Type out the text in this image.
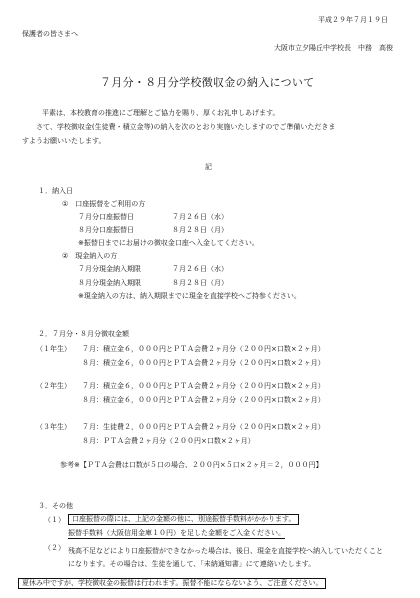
平成２９年７月１９日
保護者の皆さまへ
大阪市立夕陽丘中学校長　中務　高俊
７月分・８月分学校徴収金の納入について
平素は、本校教育の推進にご理解とご協力を賜り、厚くお礼申しあげます。
さて、学校徴収金(生徒費・積立金等)の納入を次のとおり実施いたしますのでご準備いただきま
すようお願いいたします。
記
１．納入日
①　口座振替をご利用の方
７月分口座振替日	７月２６日（水）
８月分口座振替日	８月２８日（月）
※振替日までにお届けの徴収金口座へ入金してください。
②　現金納入の方
７月分現金納入期限	７月２６日（水）
８月分現金納入期限	８月２８日（月）
※現金納入の方は、納入期限までに現金を直接学校へご持参ください。
２．７月分・８月分徴収金額
（１年生） ７月：積立金６，０００円とＰＴＡ会費２ヶ月分（２００円×口数×２ヶ月）
８月：積立金６，０００円とＰＴＡ会費２ヶ月分（２００円×口数×２ヶ月）
（２年生） ７月：積立金６，０００円とＰＴＡ会費２ヶ月分（２００円×口数×２ヶ月）
８月：積立金６，０００円とＰＴＡ会費２ヶ月分（２００円×口数×２ヶ月）
（３年生） ７月：生徒費２，０００円とＰＴＡ会費２ヶ月分（２００円×口数×２ヶ月）
８月：ＰＴＡ会費２ヶ月分（２００円×口数×２ヶ月）
参考※【ＰＴＡ会費は口数が５口の場合、２００円×５口×２ヶ月＝２，０００円】
３．その他
（１）	口座振替の際には、上記の金額の他に、別途振替手数料がかかります。
振替手数料（大阪信用金庫１０円）を足した金額をご入金ください。
（２） 残高不足などにより口座振替ができなかった場合は、後日、現金を直接学校へ納入していただくことになります。その場合は、生徒を通して、「未納通知書」にて連絡いたします。
夏休み中ですが、学校徴収金の振替は行われます。振替不能にならないよう、ご注意ください。
